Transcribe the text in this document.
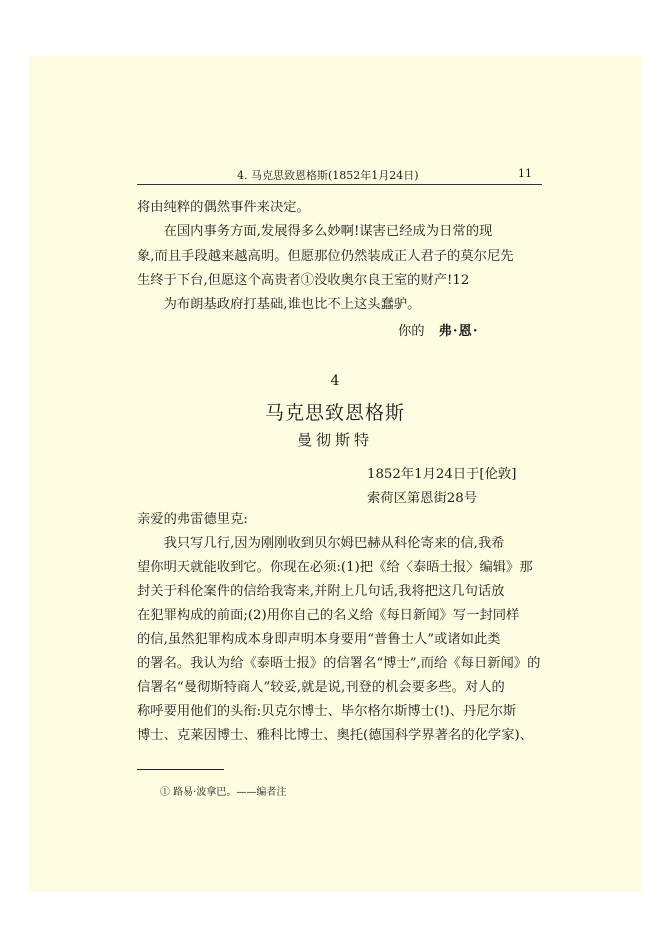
4. 马克思致恩格斯(1852年1月24日)	11

将由纯粹的偶然事件来决定。

　　在国内事务方面,发展得多么妙啊!谋害已经成为日常的现

象,而且手段越来越高明。但愿那位仍然装成正人君子的莫尔尼先

生终于下台,但愿这个高贵者①没收奥尔良王室的财产!12

　　为布朗基政府打基础,谁也比不上这头蠢驴。

你的 弗·恩·

4

马克思致恩格斯

曼彻斯特

1852年1月24日于[伦敦]

索荷区第恩街28号

亲爱的弗雷德里克:

　　我只写几行,因为刚刚收到贝尔姆巴赫从科伦寄来的信,我希

望你明天就能收到它。你现在必须:(1)把《给〈泰晤士报〉编辑》那

封关于科伦案件的信给我寄来,并附上几句话,我将把这几句话放

在犯罪构成的前面;(2)用你自己的名义给《每日新闻》写一封同样

的信,虽然犯罪构成本身即声明本身要用“普鲁士人”或诸如此类

的署名。我认为给《泰晤士报》的信署名“博士”,而给《每日新闻》的

信署名“曼彻斯特商人”较妥,就是说,刊登的机会要多些。对人的

称呼要用他们的头衔:贝克尔博士、毕尔格尔斯博士(!)、丹尼尔斯

博士、克莱因博士、雅科比博士、奥托(德国科学界著名的化学家)、

① 路易·波拿巴。——编者注
